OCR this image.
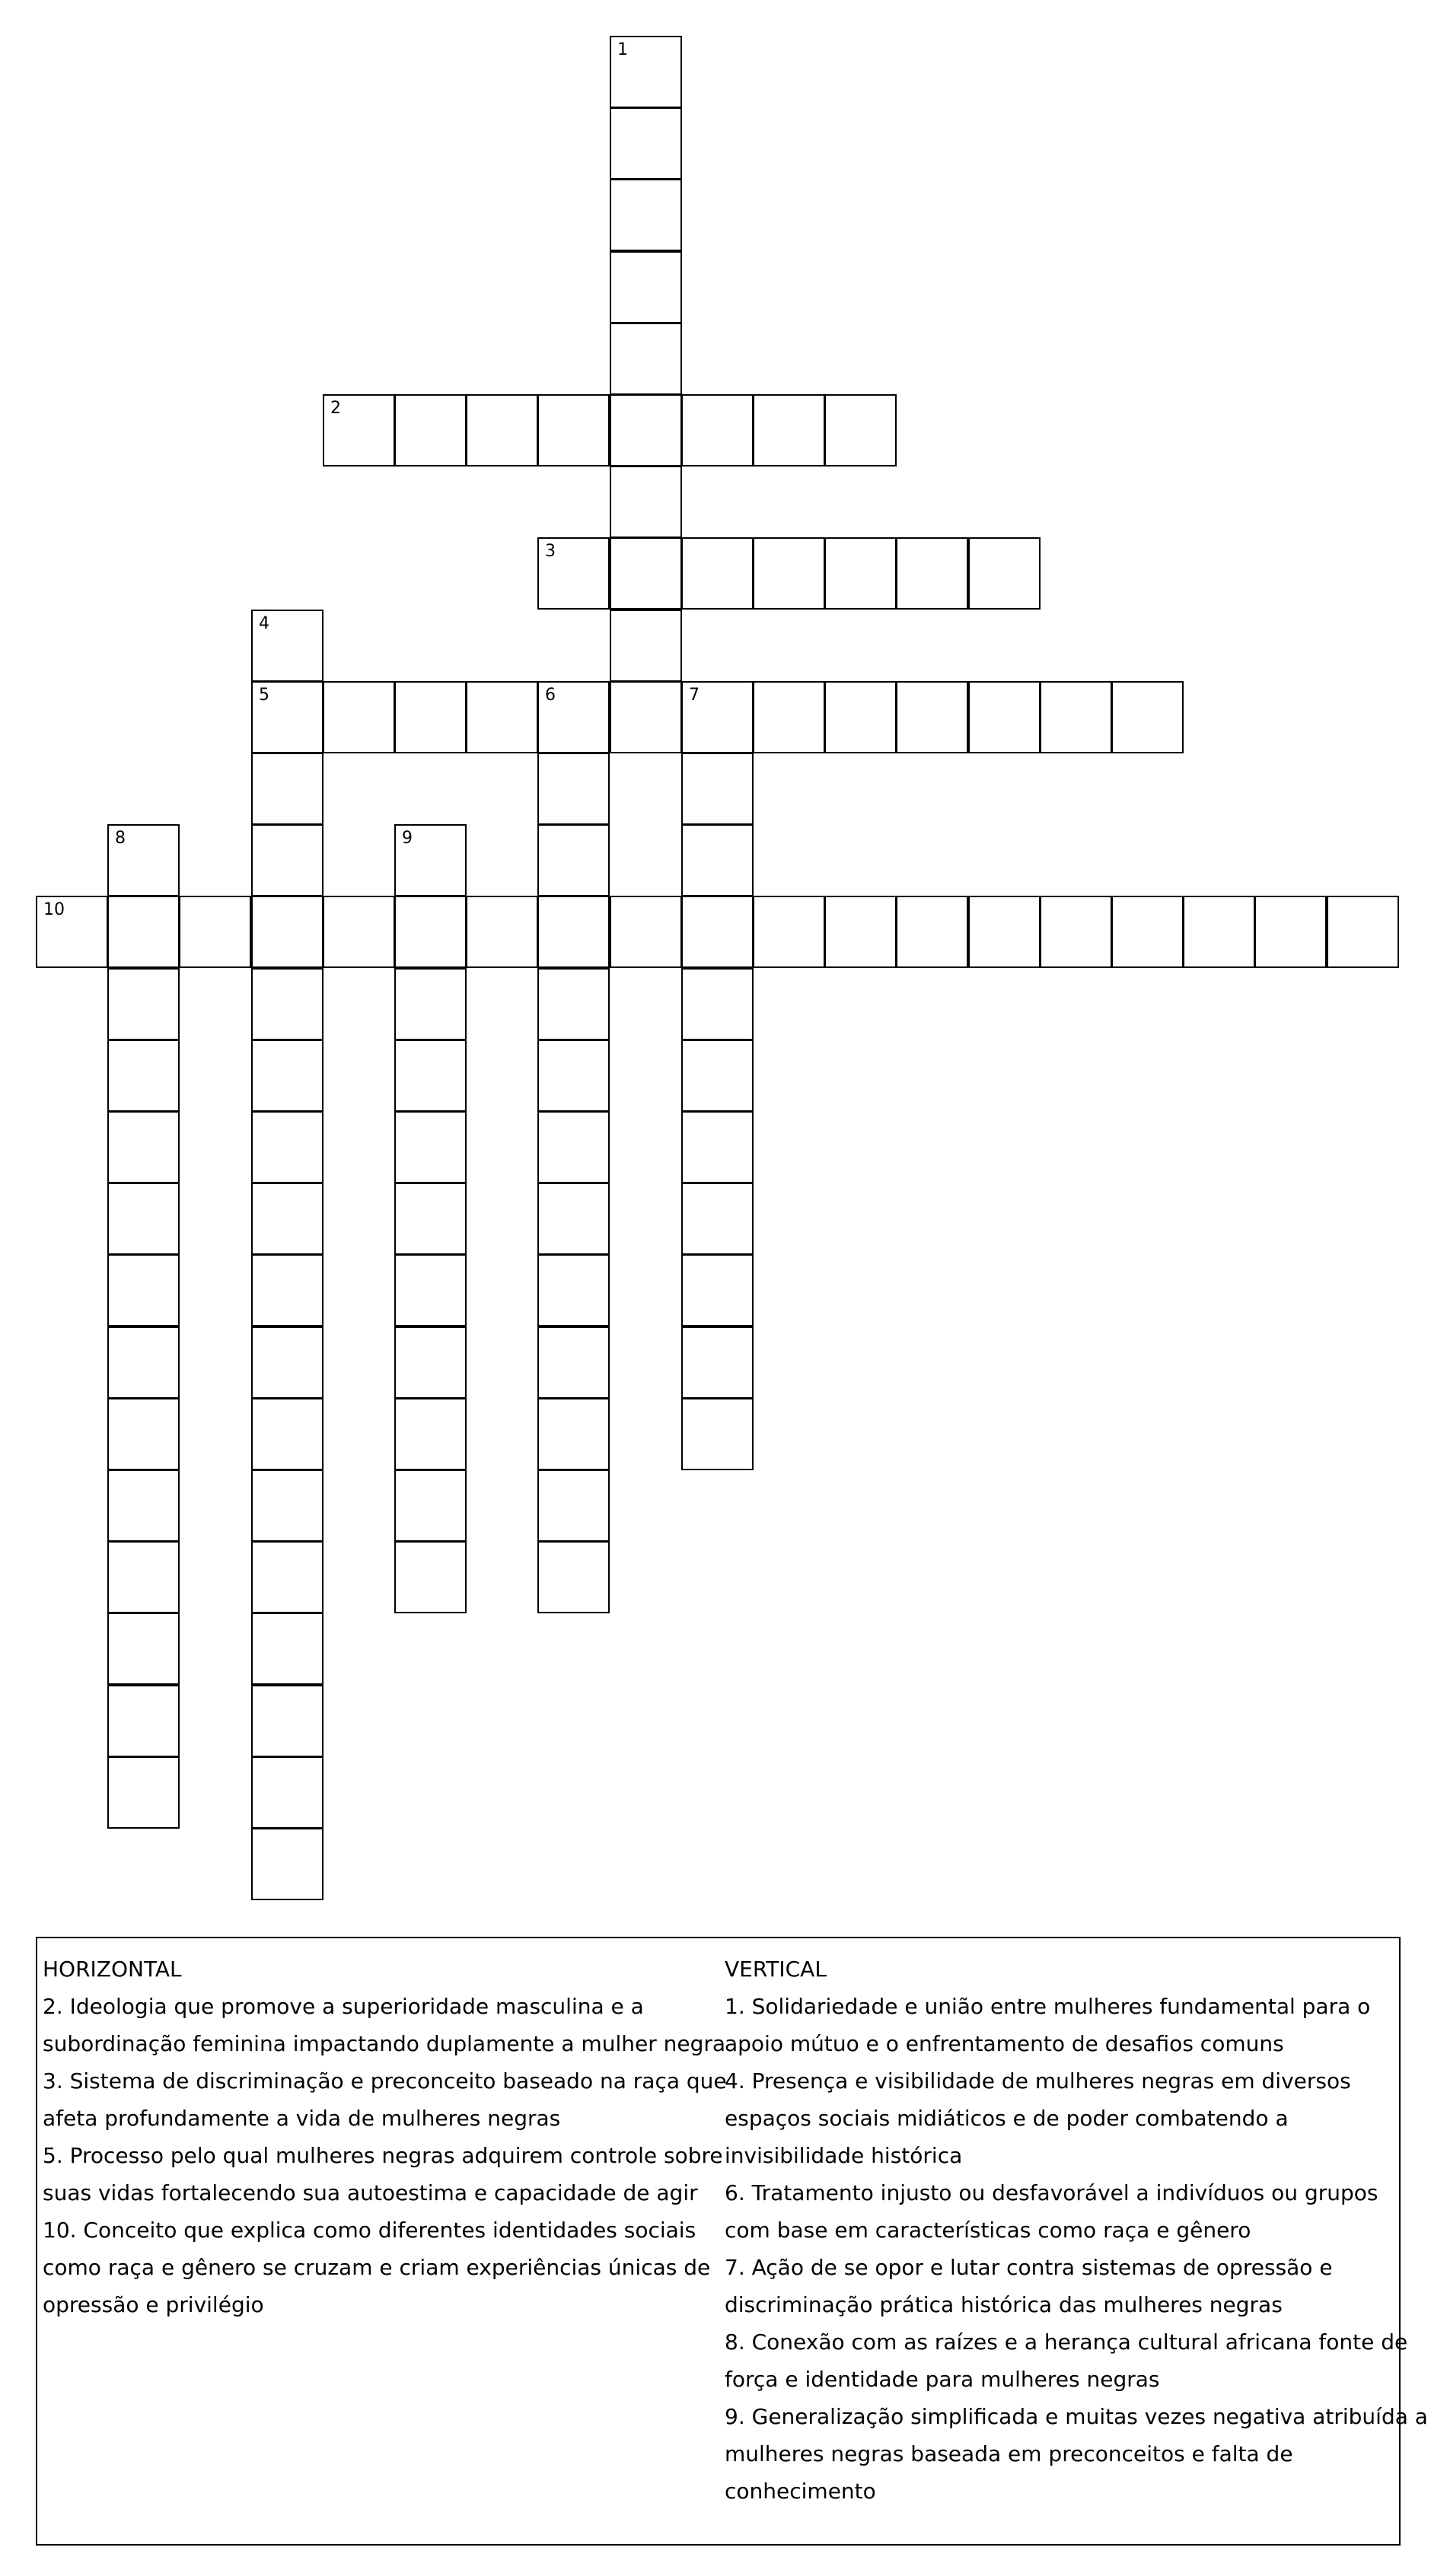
1
2
3
4
5	6	7
8	9
10
HORIZONTAL
2. Ideologia que promove a superioridade masculina e a
subordinação feminina impactando duplamente a mulher negra
3. Sistema de discriminação e preconceito baseado na raça que
afeta profundamente a vida de mulheres negras
5. Processo pelo qual mulheres negras adquirem controle sobre
suas vidas fortalecendo sua autoestima e capacidade de agir
10. Conceito que explica como diferentes identidades sociais
como raça e gênero se cruzam e criam experiências únicas de
opressão e privilégio
VERTICAL
1. Solidariedade e união entre mulheres fundamental para o
apoio mútuo e o enfrentamento de desafios comuns
4. Presença e visibilidade de mulheres negras em diversos
espaços sociais midiáticos e de poder combatendo a
invisibilidade histórica
6. Tratamento injusto ou desfavorável a indivíduos ou grupos
com base em características como raça e gênero
7. Ação de se opor e lutar contra sistemas de opressão e
discriminação prática histórica das mulheres negras
8. Conexão com as raízes e a herança cultural africana fonte de
força e identidade para mulheres negras
9. Generalização simplificada e muitas vezes negativa atribuída a
mulheres negras baseada em preconceitos e falta de
conhecimento
